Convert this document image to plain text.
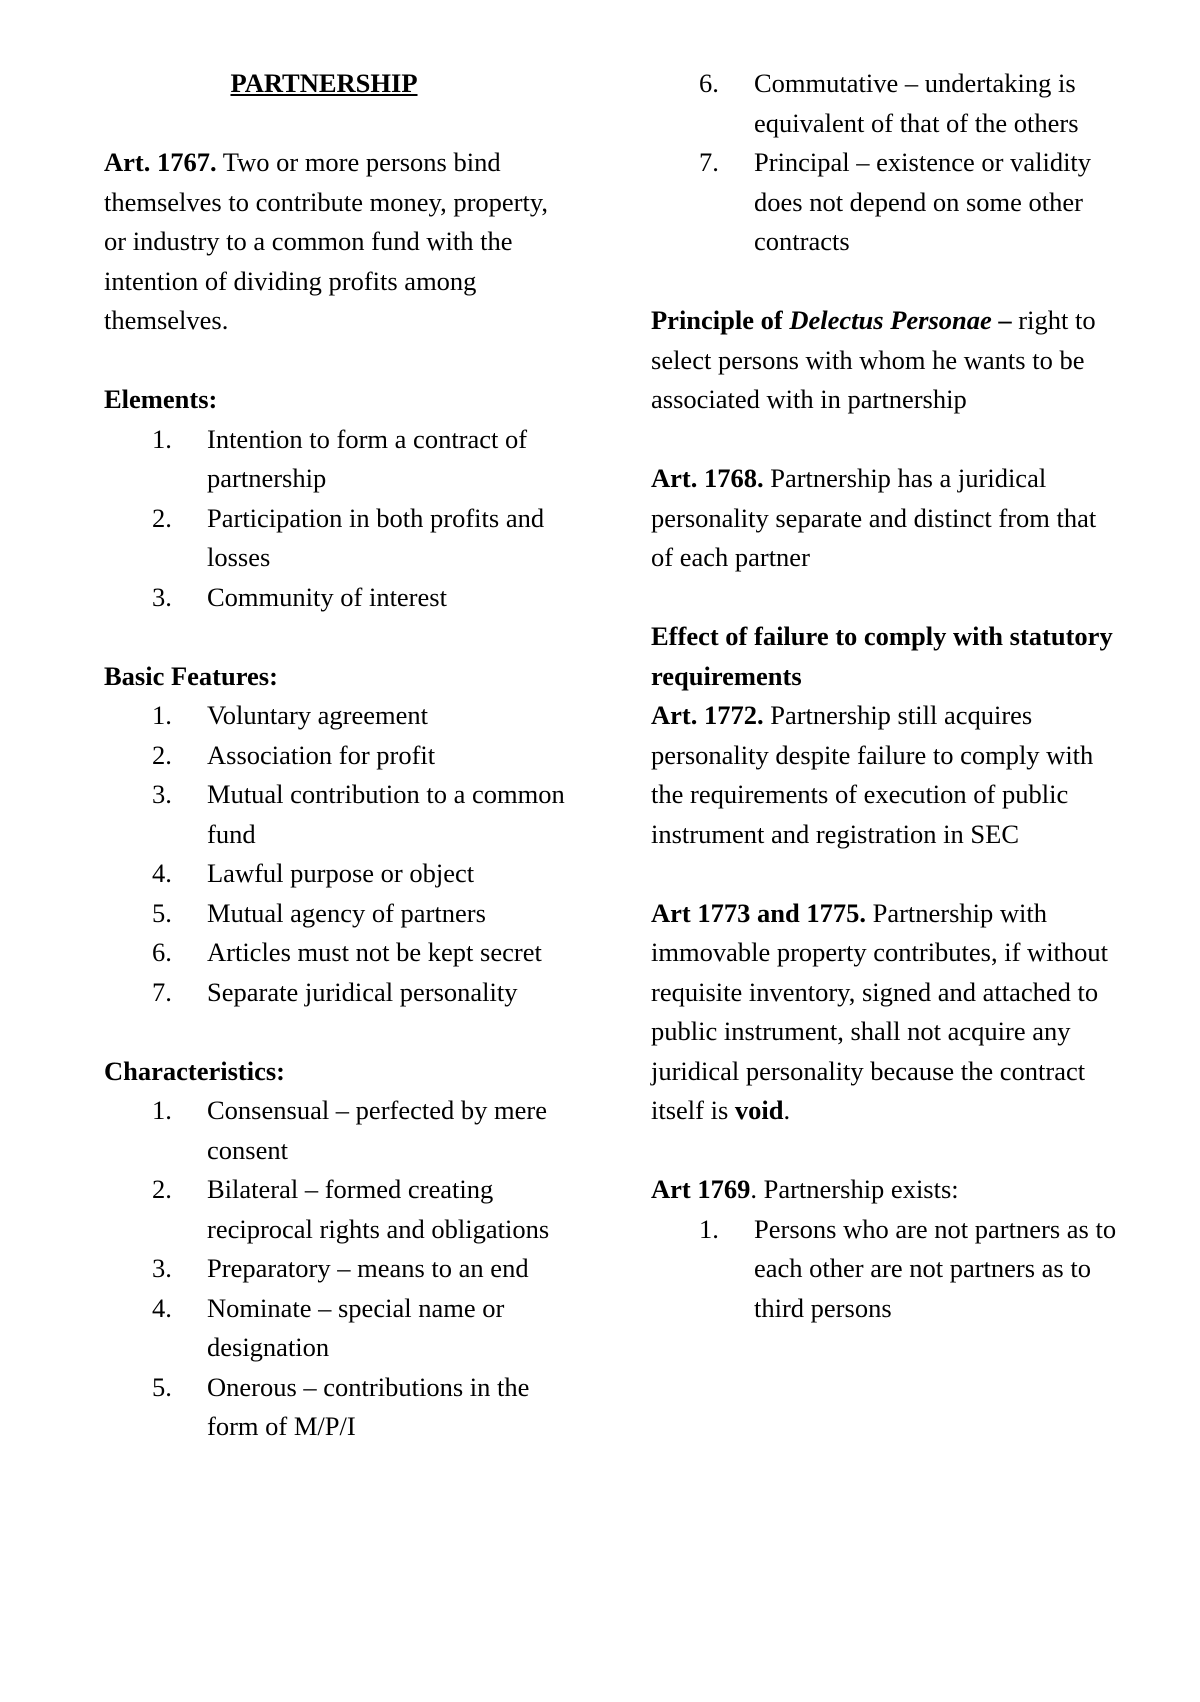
PARTNERSHIP

Art. 1767. Two or more persons bind themselves to contribute money, property, or industry to a common fund with the intention of dividing profits among themselves.

Elements:

1. Intention to form a contract of partnership
2. Participation in both profits and losses
3. Community of interest

Basic Features:

1. Voluntary agreement
2. Association for profit
3. Mutual contribution to a common fund
4. Lawful purpose or object
5. Mutual agency of partners
6. Articles must not be kept secret
7. Separate juridical personality

Characteristics:

1. Consensual – perfected by mere consent
2. Bilateral – formed creating reciprocal rights and obligations
3. Preparatory – means to an end
4. Nominate – special name or designation
5. Onerous – contributions in the form of M/P/I
6. Commutative – undertaking is equivalent of that of the others
7. Principal – existence or validity does not depend on some other contracts

Principle of Delectus Personae – right to select persons with whom he wants to be associated with in partnership

Art. 1768. Partnership has a juridical personality separate and distinct from that of each partner

Effect of failure to comply with statutory requirements

Art. 1772. Partnership still acquires personality despite failure to comply with the requirements of execution of public instrument and registration in SEC

Art 1773 and 1775. Partnership with immovable property contributes, if without requisite inventory, signed and attached to public instrument, shall not acquire any juridical personality because the contract itself is void.

Art 1769. Partnership exists:

1. Persons who are not partners as to each other are not partners as to third persons
